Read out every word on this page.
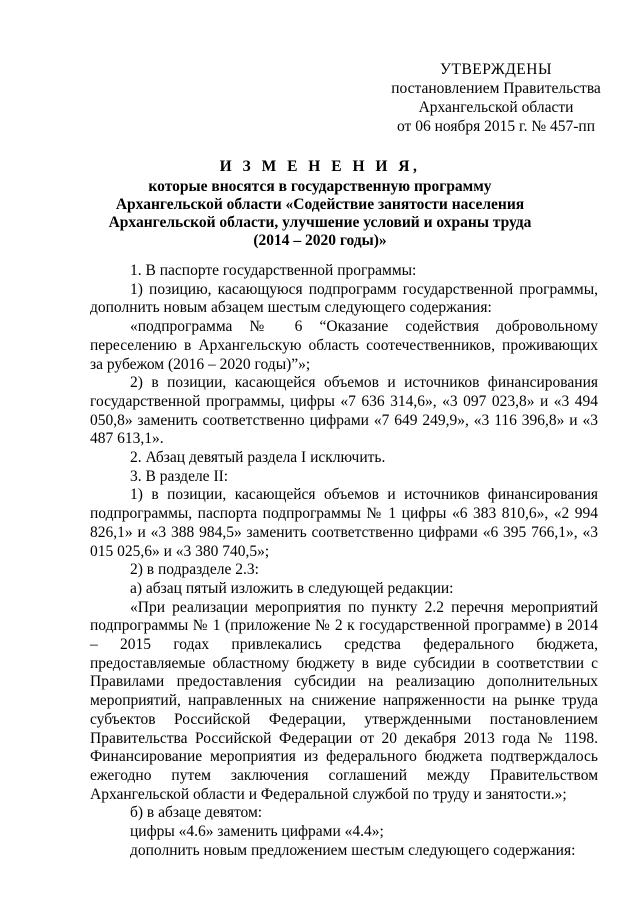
УТВЕРЖДЕНЫ
постановлением Правительства
Архангельской области
от 06 ноября 2015 г. № 457-пп
И З М Е Н Е Н И Я,
которые вносятся в государственную программу
Архангельской области «Содействие занятости населения
Архангельской области, улучшение условий и охраны труда
(2014 – 2020 годы)»

1. В паспорте государственной программы:

1) позицию, касающуюся подпрограмм государственной программы, дополнить новым абзацем шестым следующего содержания:

«подпрограмма № 6 “Оказание содействия добровольному переселению в Архангельскую область соотечественников, проживающих за рубежом (2016 – 2020 годы)”»;

2) в позиции, касающейся объемов и источников финансирования государственной программы, цифры «7 636 314,6», «3 097 023,8» и «3 494 050,8» заменить соответственно цифрами «7 649 249,9», «3 116 396,8» и «3 487 613,1».

2. Абзац девятый раздела I исключить.

3. В разделе II:

1) в позиции, касающейся объемов и источников финансирования подпрограммы, паспорта подпрограммы № 1 цифры «6 383 810,6», «2 994 826,1» и «3 388 984,5» заменить соответственно цифрами «6 395 766,1», «3 015 025,6» и «3 380 740,5»;

2) в подразделе 2.3:

а) абзац пятый изложить в следующей редакции:

«При реализации мероприятия по пункту 2.2 перечня мероприятий подпрограммы № 1 (приложение № 2 к государственной программе) в 2014 – 2015 годах привлекались средства федерального бюджета, предоставляемые областному бюджету в виде субсидии в соответствии с Правилами предоставления субсидии на реализацию дополнительных мероприятий, направленных на снижение напряженности на рынке труда субъектов Российской Федерации, утвержденными постановлением Правительства Российской Федерации от 20 декабря 2013 года № 1198. Финансирование мероприятия из федерального бюджета подтверждалось ежегодно путем заключения соглашений между Правительством Архангельской области и Федеральной службой по труду и занятости.»;

б) в абзаце девятом:

цифры «4.6» заменить цифрами «4.4»;

дополнить новым предложением шестым следующего содержания:
